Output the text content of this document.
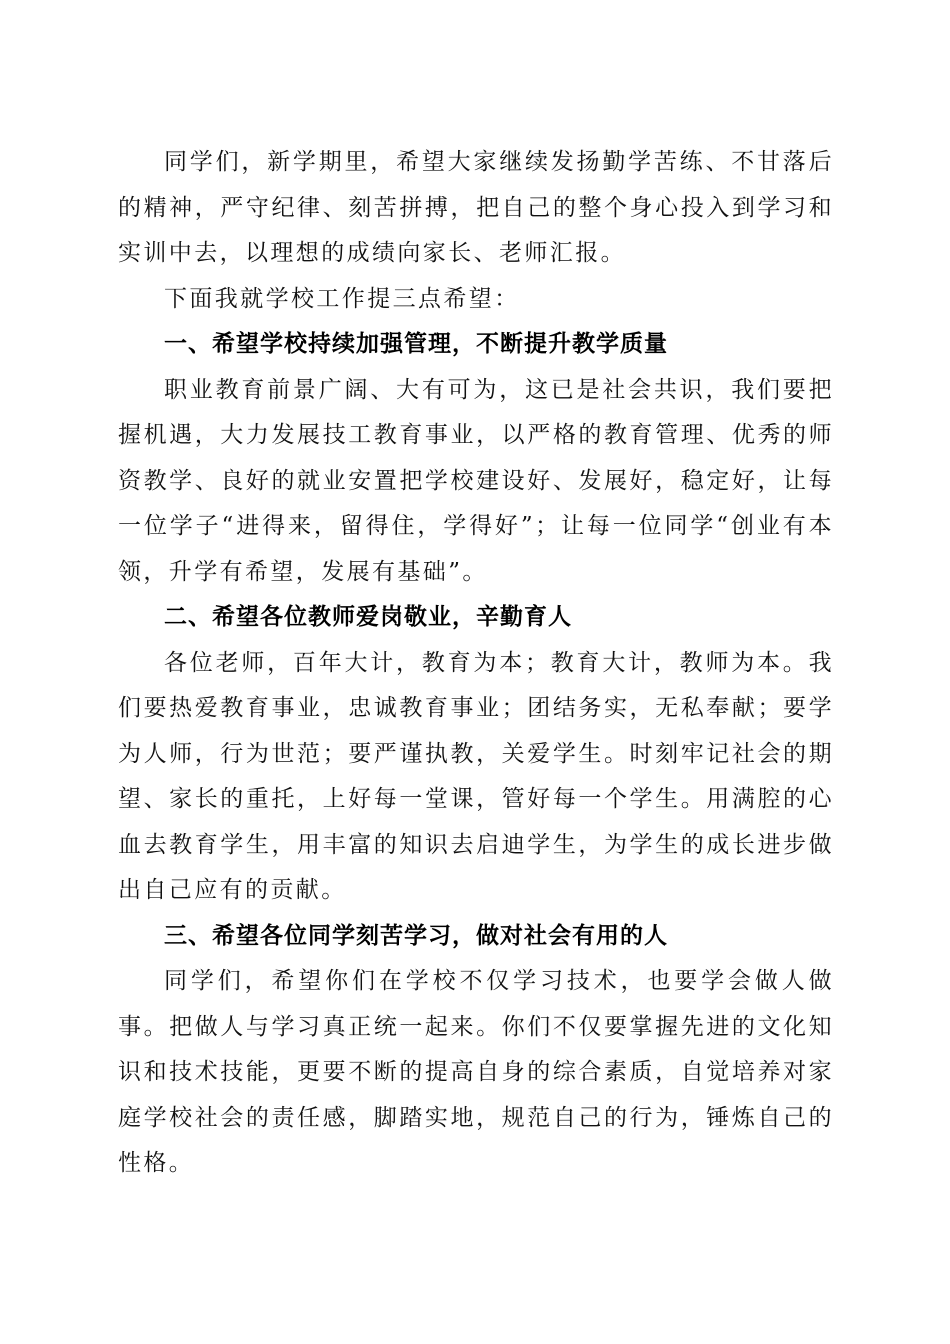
同学们，新学期里，希望大家继续发扬勤学苦练、不甘落后的精神，严守纪律、刻苦拼搏，把自己的整个身心投入到学习和实训中去，以理想的成绩向家长、老师汇报。

下面我就学校工作提三点希望：

一、希望学校持续加强管理，不断提升教学质量

职业教育前景广阔、大有可为，这已是社会共识，我们要把握机遇，大力发展技工教育事业，以严格的教育管理、优秀的师资教学、良好的就业安置把学校建设好、发展好，稳定好，让每一位学子“进得来，留得住，学得好”；让每一位同学“创业有本领，升学有希望，发展有基础”。

二、希望各位教师爱岗敬业，辛勤育人

各位老师，百年大计，教育为本；教育大计，教师为本。我们要热爱教育事业，忠诚教育事业；团结务实，无私奉献；要学为人师，行为世范；要严谨执教，关爱学生。时刻牢记社会的期望、家长的重托，上好每一堂课，管好每一个学生。用满腔的心血去教育学生，用丰富的知识去启迪学生，为学生的成长进步做出自己应有的贡献。

三、希望各位同学刻苦学习，做对社会有用的人

同学们，希望你们在学校不仅学习技术，也要学会做人做事。把做人与学习真正统一起来。你们不仅要掌握先进的文化知识和技术技能，更要不断的提高自身的综合素质，自觉培养对家庭学校社会的责任感，脚踏实地，规范自己的行为，锤炼自己的性格。
